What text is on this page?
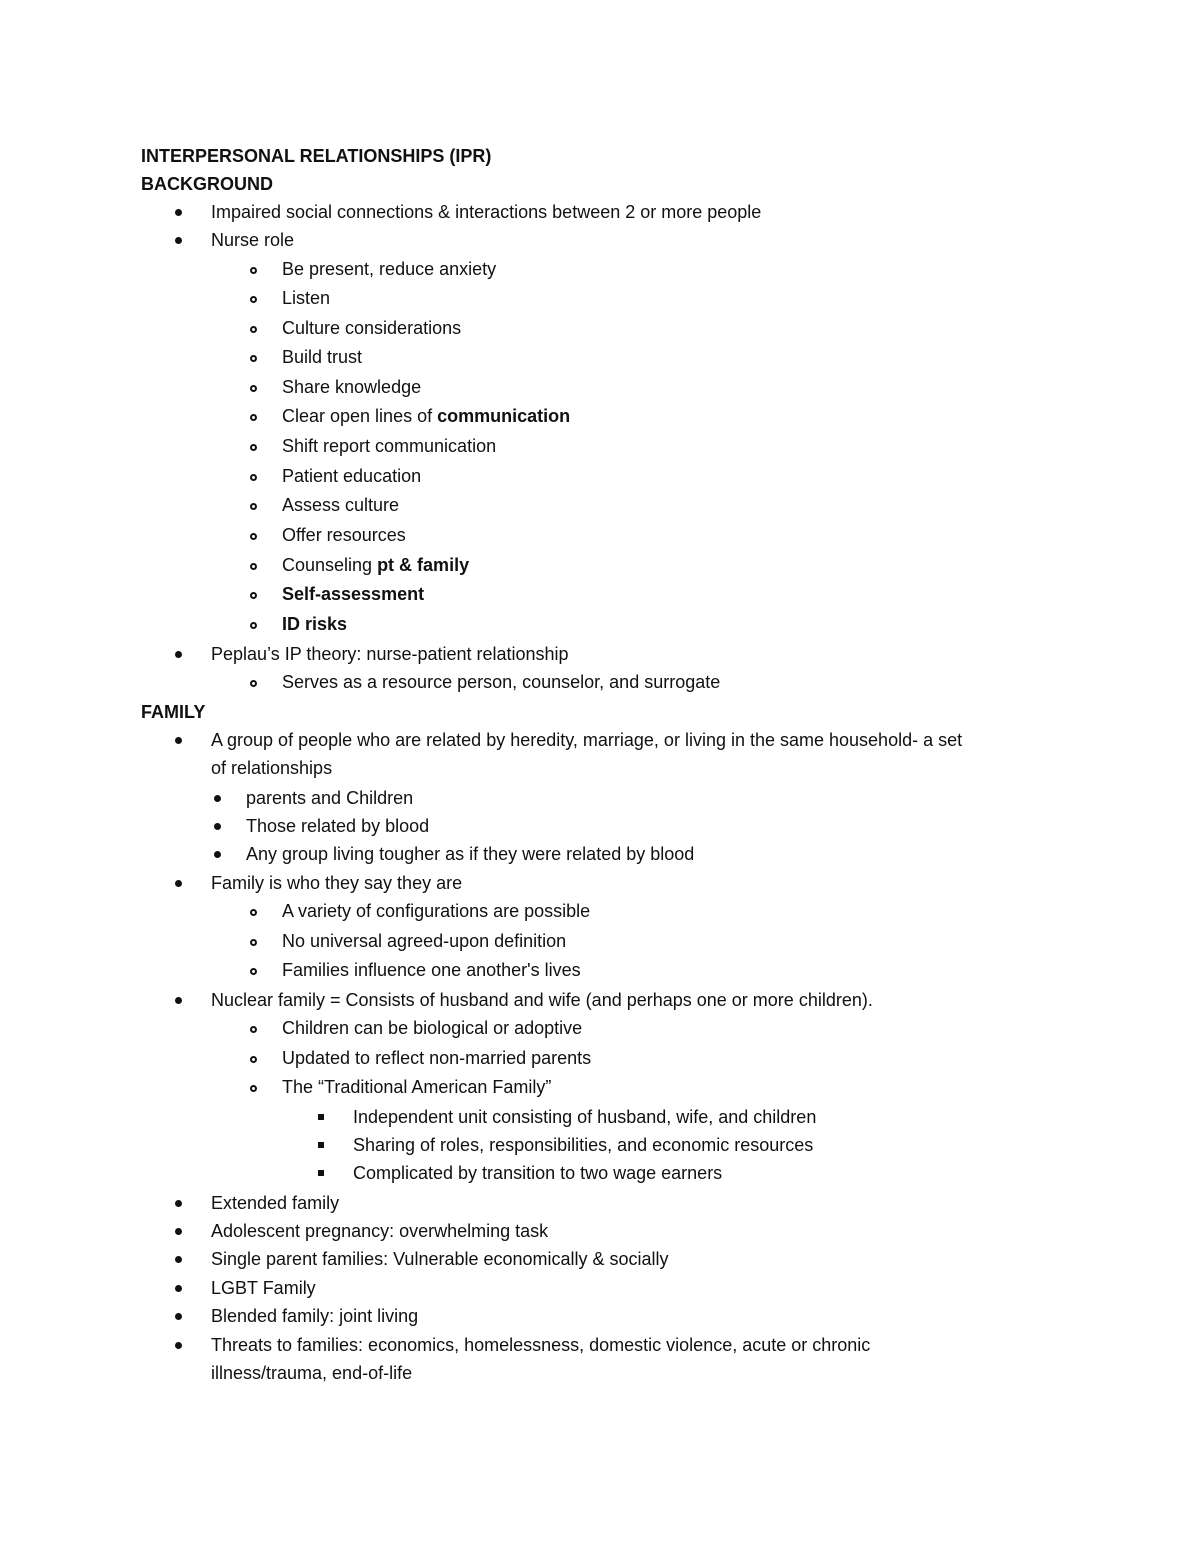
INTERPERSONAL RELATIONSHIPS (IPR)
BACKGROUND
Impaired social connections & interactions between 2 or more people
Nurse role
Be present, reduce anxiety
Listen
Culture considerations
Build trust
Share knowledge
Clear open lines of communication
Shift report communication
Patient education
Assess culture
Offer resources
Counseling pt & family
Self-assessment
ID risks
Peplau’s IP theory: nurse-patient relationship
Serves as a resource person, counselor, and surrogate
FAMILY
A group of people who are related by heredity, marriage, or living in the same household- a set
of relationships
parents and Children
Those related by blood
Any group living tougher as if they were related by blood
Family is who they say they are
A variety of configurations are possible
No universal agreed-upon definition
Families influence one another's lives
Nuclear family = Consists of husband and wife (and perhaps one or more children).
Children can be biological or adoptive
Updated to reflect non-married parents
The “Traditional American Family”
Independent unit consisting of husband, wife, and children
Sharing of roles, responsibilities, and economic resources
Complicated by transition to two wage earners
Extended family
Adolescent pregnancy: overwhelming task
Single parent families: Vulnerable economically & socially
LGBT Family
Blended family: joint living
Threats to families: economics, homelessness, domestic violence, acute or chronic
illness/trauma, end-of-life
